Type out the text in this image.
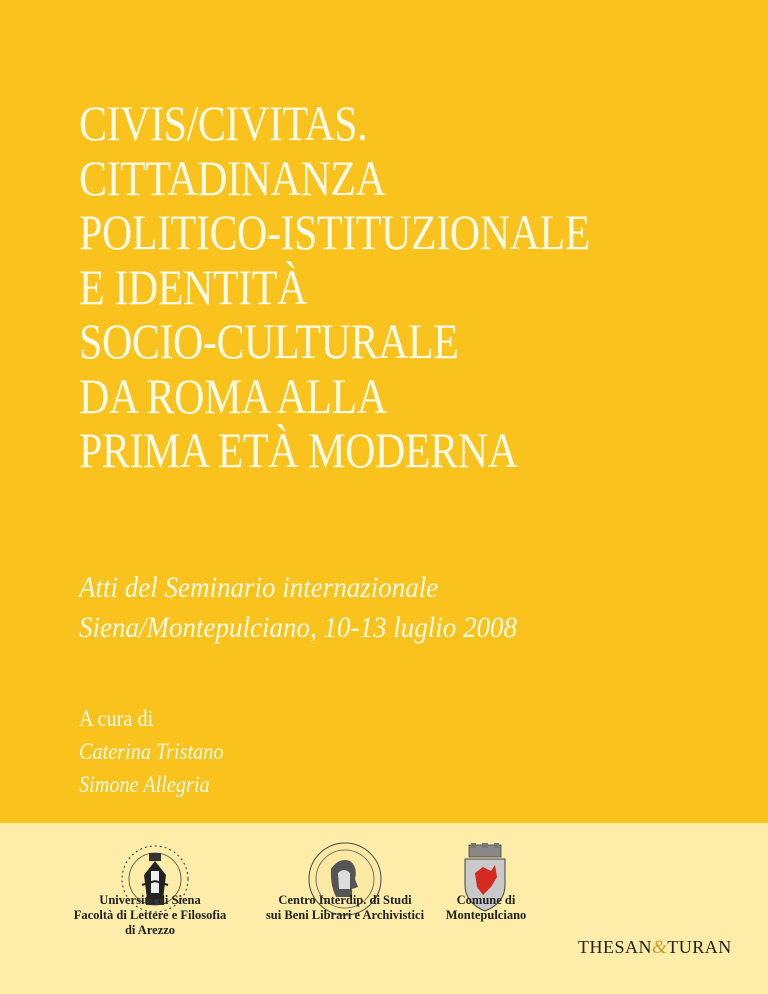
CIVIS/CIVITAS.
CITTADINANZA
POLITICO-ISTITUZIONALE
E IDENTITÀ
SOCIO-CULTURALE
DA ROMA ALLA
PRIMA ETÀ MODERNA
Atti del Seminario internazionale
Siena/Montepulciano, 10-13 luglio 2008
A cura di
Caterina Tristano
Simone Allegria
Università di Siena
Facoltà di Lettere e Filosofia
di Arezzo
Centro Interdip. di Studi
sui Beni Librari e Archivistici
Comune di
Montepulciano
THESAN&TURAN
